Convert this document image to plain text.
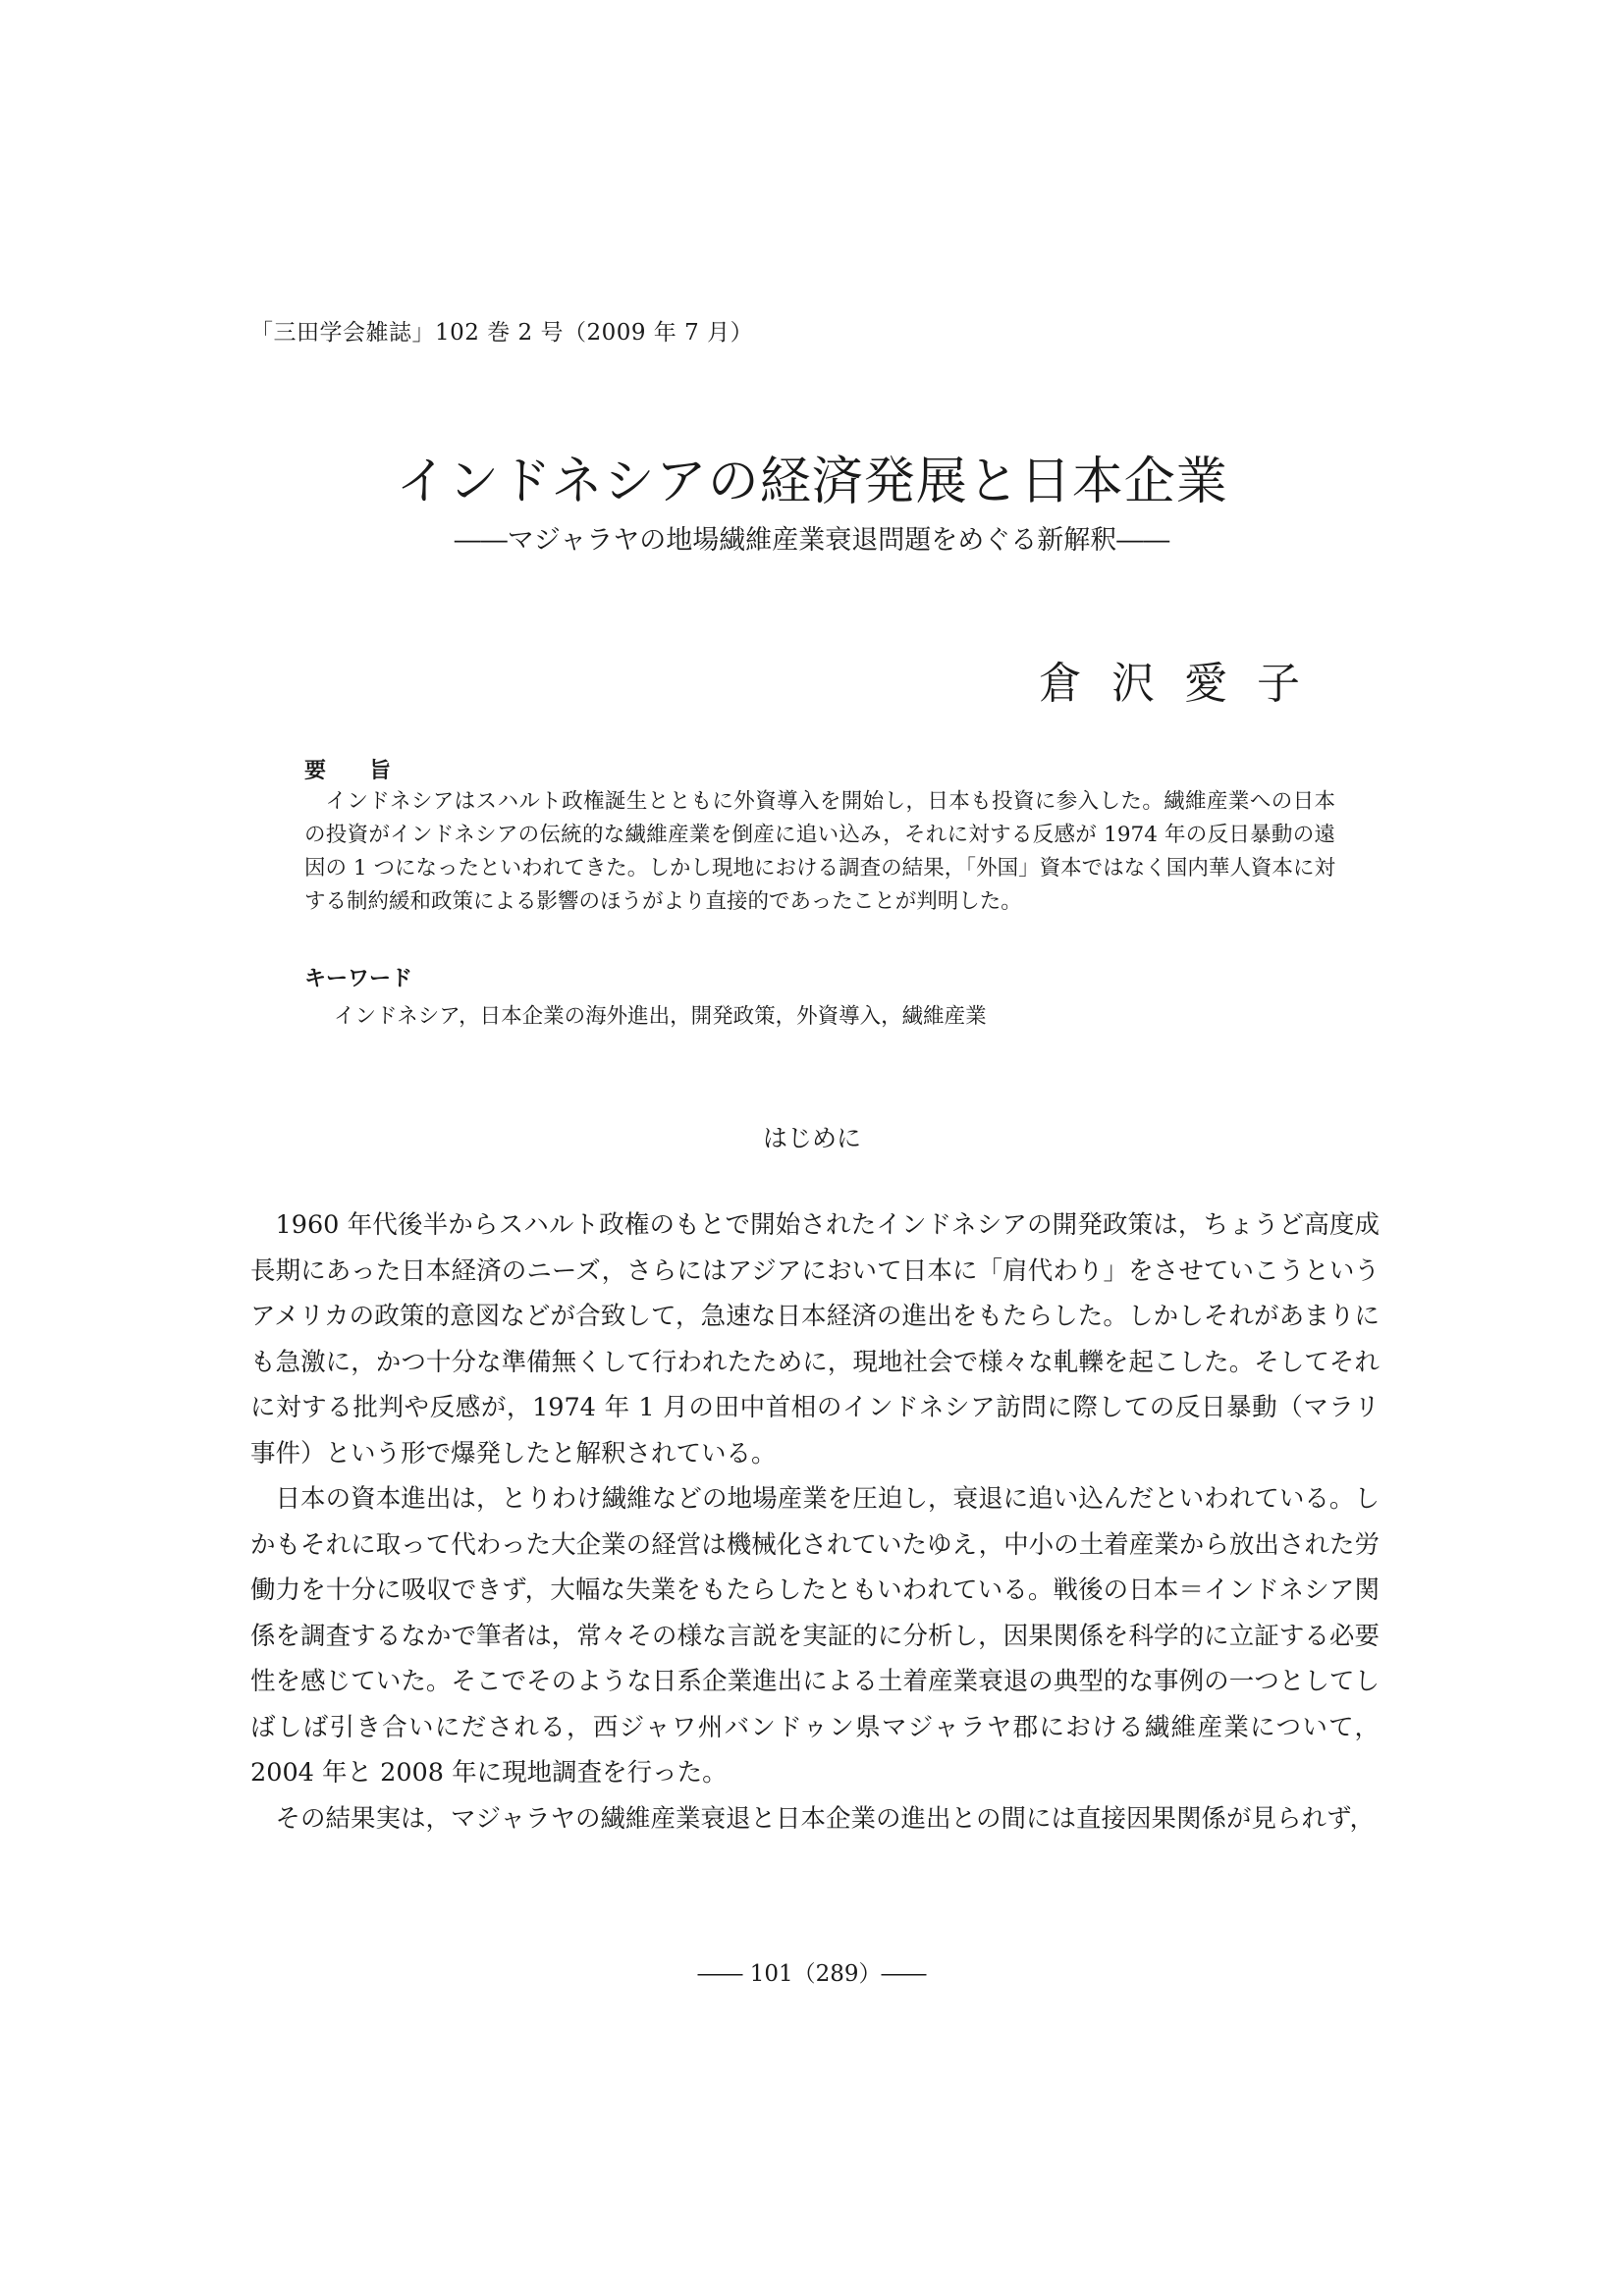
「三田学会雑誌」102 巻 2 号（2009 年 7 月）
インドネシアの経済発展と日本企業
――マジャラヤの地場繊維産業衰退問題をめぐる新解釈――
倉沢愛子
要旨
インドネシアはスハルト政権誕生とともに外資導入を開始し，日本も投資に参入した。繊維産業への日本の投資がインドネシアの伝統的な繊維産業を倒産に追い込み，それに対する反感が 1974 年の反日暴動の遠因の 1 つになったといわれてきた。しかし現地における調査の結果，「外国」資本ではなく国内華人資本に対する制約緩和政策による影響のほうがより直接的であったことが判明した。
キーワード
インドネシア，日本企業の海外進出，開発政策，外資導入，繊維産業
はじめに

1960 年代後半からスハルト政権のもとで開始されたインドネシアの開発政策は，ちょうど高度成長期にあった日本経済のニーズ，さらにはアジアにおいて日本に「肩代わり」をさせていこうというアメリカの政策的意図などが合致して，急速な日本経済の進出をもたらした。しかしそれがあまりにも急激に，かつ十分な準備無くして行われたために，現地社会で様々な軋轢を起こした。そしてそれに対する批判や反感が，1974 年 1 月の田中首相のインドネシア訪問に際しての反日暴動（マラリ事件）という形で爆発したと解釈されている。

日本の資本進出は，とりわけ繊維などの地場産業を圧迫し，衰退に追い込んだといわれている。しかもそれに取って代わった大企業の経営は機械化されていたゆえ，中小の土着産業から放出された労働力を十分に吸収できず，大幅な失業をもたらしたともいわれている。戦後の日本＝インドネシア関係を調査するなかで筆者は，常々その様な言説を実証的に分析し，因果関係を科学的に立証する必要性を感じていた。そこでそのような日系企業進出による土着産業衰退の典型的な事例の一つとしてしばしば引き合いにだされる，西ジャワ州バンドゥン県マジャラヤ郡における繊維産業について，2004 年と 2008 年に現地調査を行った。

その結果実は，マジャラヤの繊維産業衰退と日本企業の進出との間には直接因果関係が見られず，

―― 101（289）――
